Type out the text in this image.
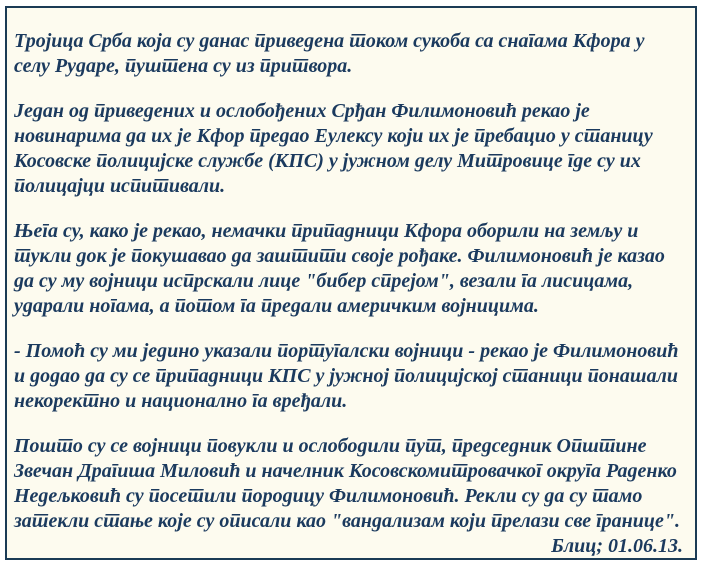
Тројица Срба која су данас приведена током сукоба са снагама Кфора у селу Рударе, пуштена су из притвора.

Један од приведених и ослобођених Срђан Филимоновић рекао је новинарима да их је Кфор предао Еулексу који их је пребацио у станицу Косовске полицијске службе (КПС) у јужном делу Митровице где су их полицајци испитивали.

Њега су, како је рекао, немачки припадници Кфора оборили на земљу и тукли док је покушавао да заштити своје рођаке. Филимоновић је казао да су му војници испрскали лице "бибер спрејом", везали га лисицама, ударали ногама, а потом га предали америчким војницима.

- Помоћ су ми једино указали португалски војници - рекао је Филимоновић и додао да су се припадници КПС у јужној полицијској станици понашали некоректно и национално га вређали.

Пошто су се војници повукли и ослободили пут, председник Општине Звечан Драгиша Миловић и начелник Косовскомитровачког округа Раденко Недељковић су посетили породицу Филимоновић. Рекли су да су тамо затекли стање које су описали као "вандализам који прелази све границе".

Блиц; 01.06.13.
